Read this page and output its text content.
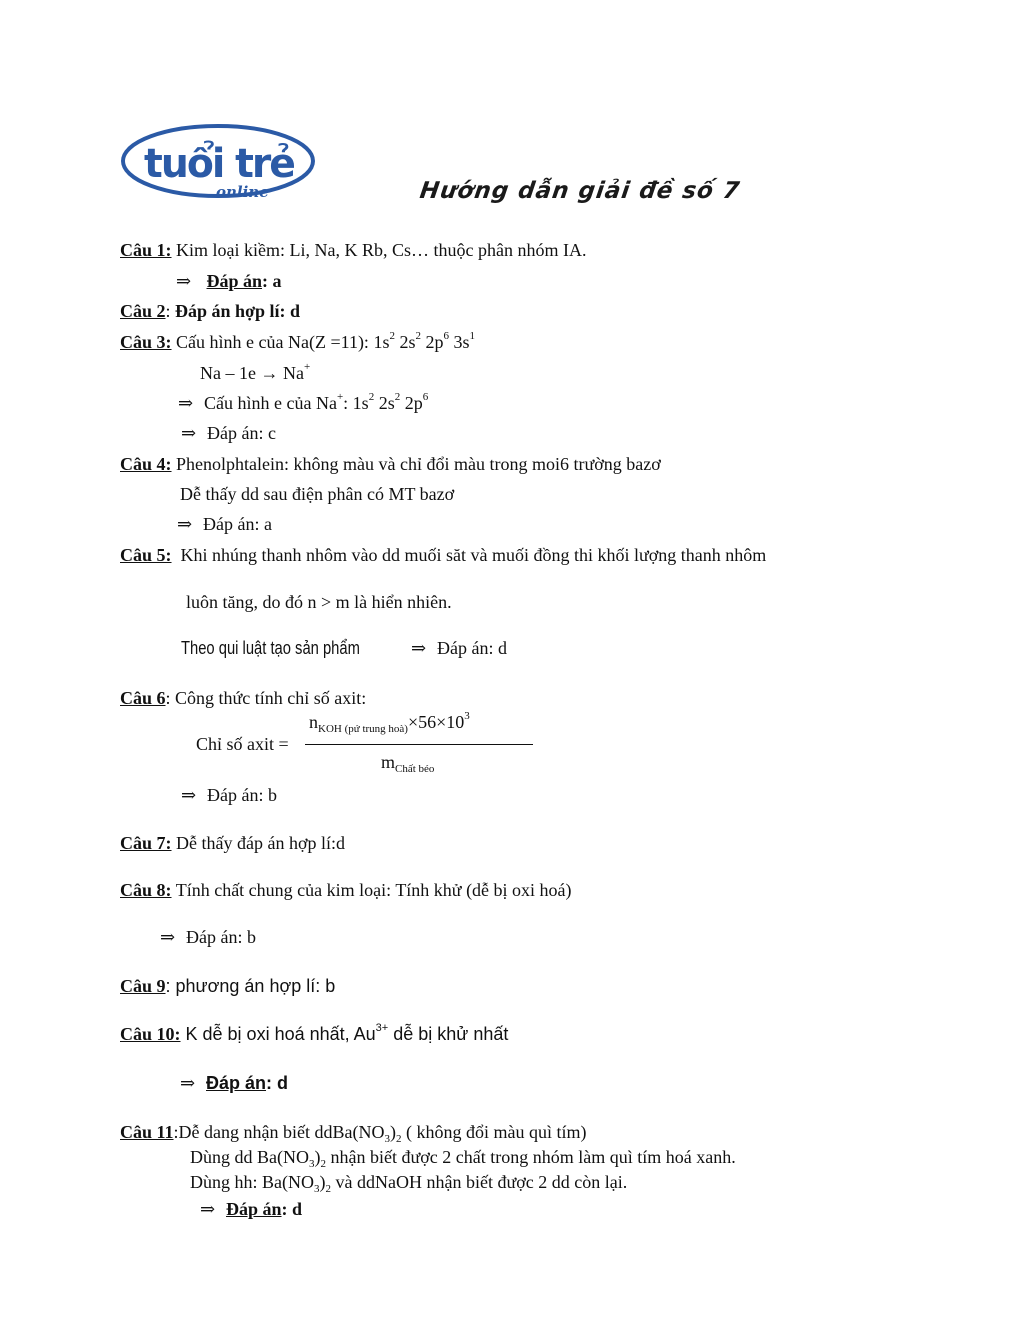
tuổi trẻ
online	Hướng dẫn giải đề số 7
Câu 1: Kim loại kiềm: Li, Na, K Rb, Cs… thuộc phân nhóm IA.
⇒ Đáp án: a
Câu 2: Đáp án hợp lí: d
Câu 3: Cấu hình e của Na(Z =11): $1s^2$ $2s^2$ $2p^6$ $3s^1$
Na – 1e → Na+
⇒ Cấu hình e của Na+: $1s^2$ $2s^2$ $2p^6$
⇒ Đáp án: c
Câu 4: Phenolphtalein: không màu và chỉ đổi màu trong moi6 trường bazơ
Dễ thấy dd sau điện phân có MT bazơ
⇒ Đáp án: a
Câu 5: Khi nhúng thanh nhôm vào dd muối săt và muối đồng thi khối lượng thanh nhôm
luôn tăng, do đó n > m là hiển nhiên.
Theo qui luật tạo sản phẩm	⇒ Đáp án: d
Câu 6: Công thức tính chỉ số axit:
Chỉ số axit =
$n_{KOH (pứ trung hoà)}\times 56\times 10^3$
$m_{Chất béo}$
⇒ Đáp án: b
Câu 7: Dễ thấy đáp án hợp lí:d
Câu 8: Tính chất chung của kim loại: Tính khử (dễ bị oxi hoá)
⇒ Đáp án: b
Câu 9: phương án hợp lí: b
Câu 10: K dễ bị oxi hoá nhất, $Au^{3+}$ dễ bị khử nhất
⇒ Đáp án: d
Câu 11:Dễ dang nhận biết $ddBa(NO_3)_2$ ( không đổi màu quì tím)
Dùng dd $Ba(NO_3)_2$ nhận biết được 2 chất trong nhóm làm quì tím hoá xanh.
Dùng hh: $Ba(NO_3)_2$ và ddNaOH nhận biết được 2 dd còn lại.
⇒ Đáp án: d
